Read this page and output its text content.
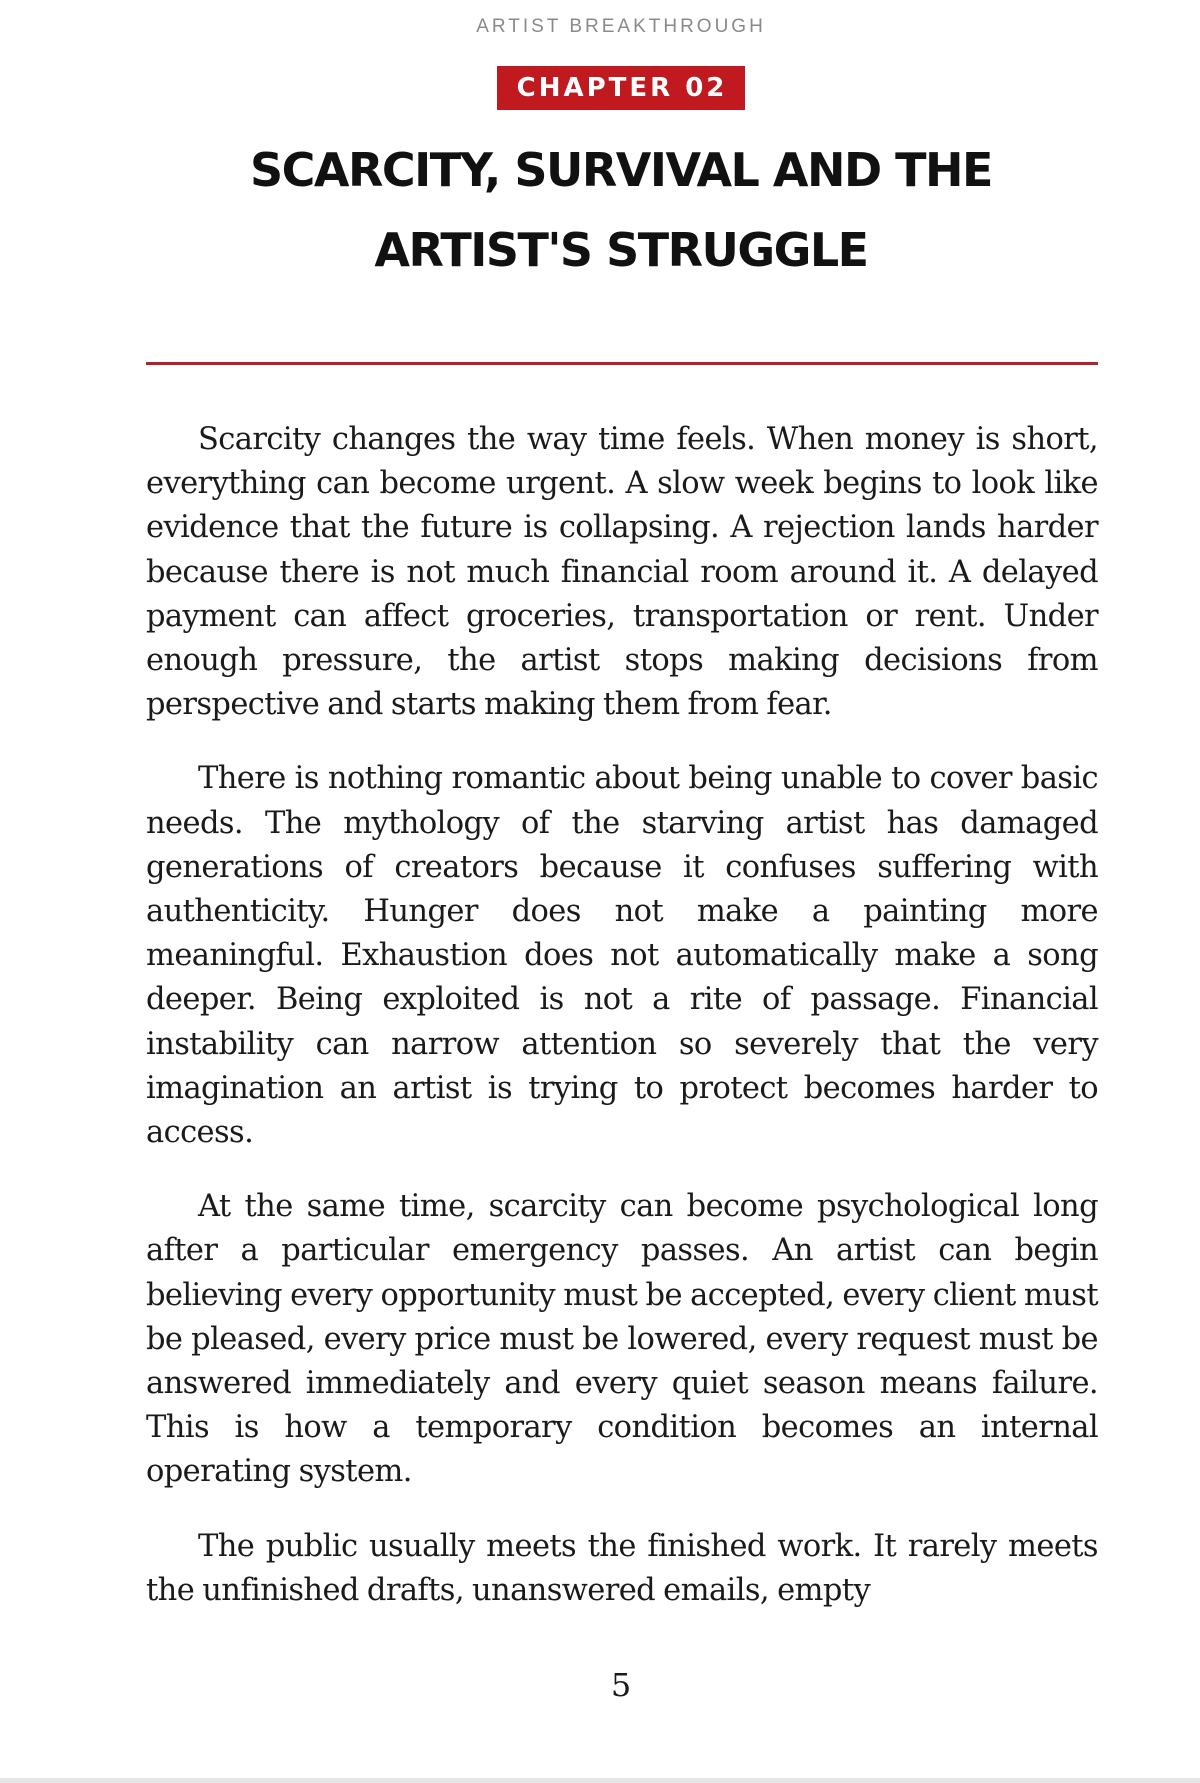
ARTIST BREAKTHROUGH
CHAPTER 02
SCARCITY, SURVIVAL AND THE
ARTIST'S STRUGGLE

Scarcity changes the way time feels. When money is short, everything can become urgent. A slow week begins to look like evidence that the future is collapsing. A rejection lands harder because there is not much financial room around it. A delayed payment can affect groceries, transportation or rent. Under enough pressure, the artist stops making decisions from perspective and starts making them from fear.

There is nothing romantic about being unable to cover basic needs. The mythology of the starving artist has damaged generations of creators because it confuses suffering with authenticity. Hunger does not make a painting more meaningful. Exhaustion does not automatically make a song deeper. Being exploited is not a rite of passage. Financial instability can narrow attention so severely that the very imagination an artist is trying to protect becomes harder to access.

At the same time, scarcity can become psychological long after a particular emergency passes. An artist can begin believing every opportunity must be accepted, every client must be pleased, every price must be lowered, every request must be answered immediately and every quiet season means failure. This is how a temporary condition becomes an internal operating system.

The public usually meets the finished work. It rarely meets the unfinished drafts, unanswered emails, empty

5
